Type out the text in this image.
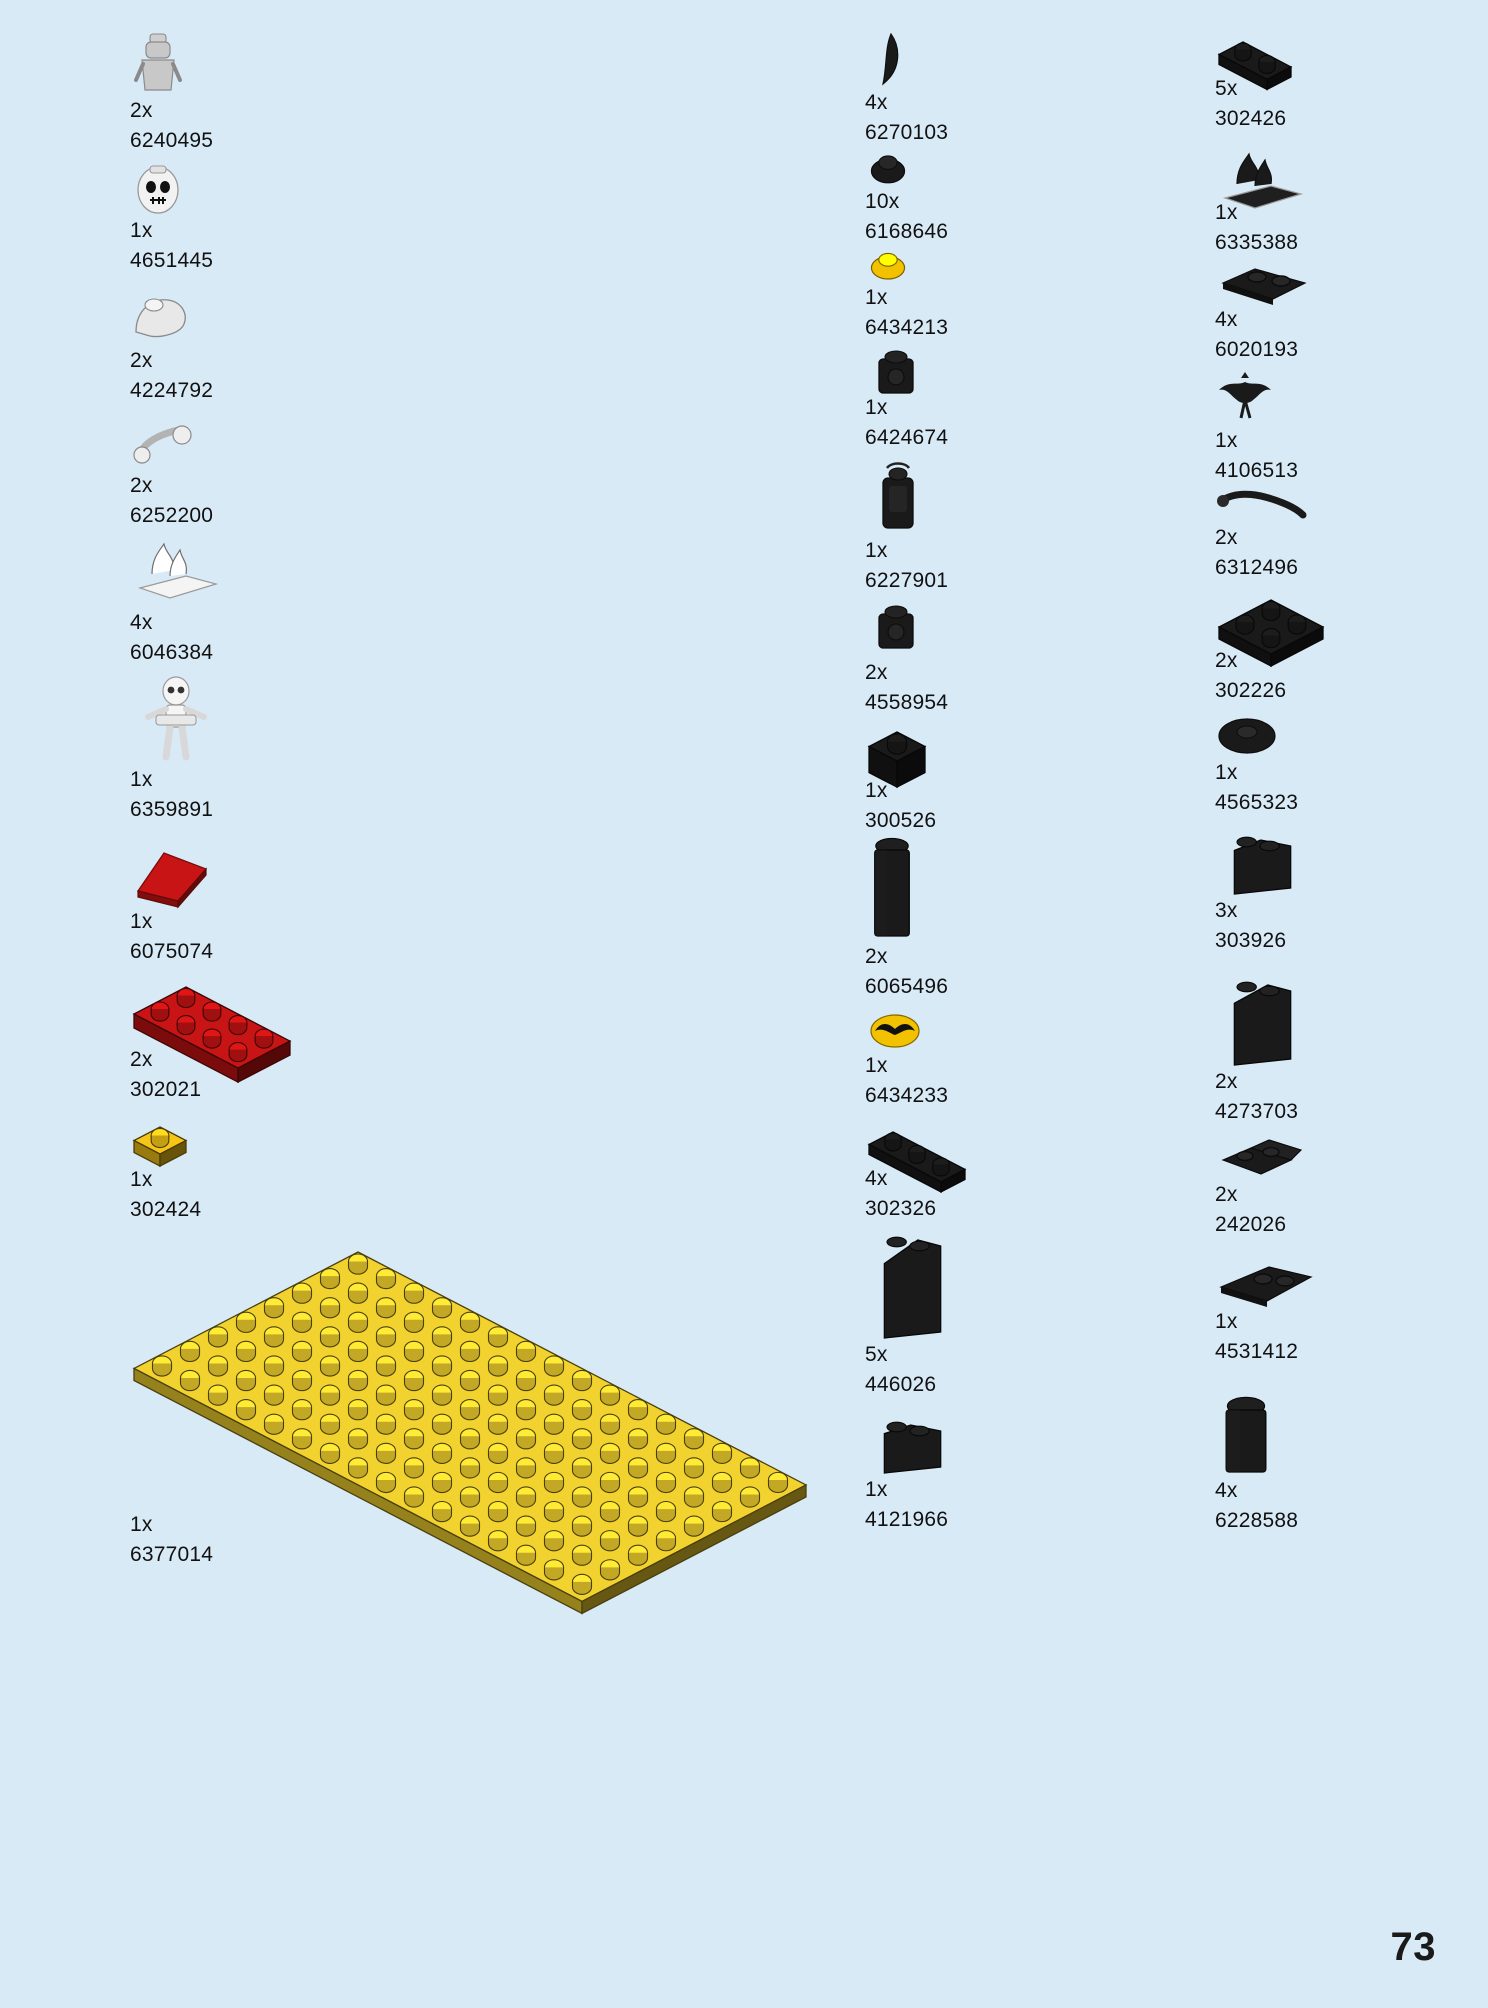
2x
6240495
1x
4651445
2x
4224792
2x
6252200
4x
6046384
1x
6359891
1x
6075074
2x
302021
1x
302424
1x
6377014
4x
6270103
10x
6168646
1x
6434213
1x
6424674
1x
6227901
2x
4558954
1x
300526
2x
6065496
1x
6434233
4x
302326
5x
446026
1x
4121966
5x
302426
1x
6335388
4x
6020193
1x
4106513
2x
6312496
2x
302226
1x
4565323
3x
303926
2x
4273703
2x
242026
1x
4531412
4x
6228588
73
